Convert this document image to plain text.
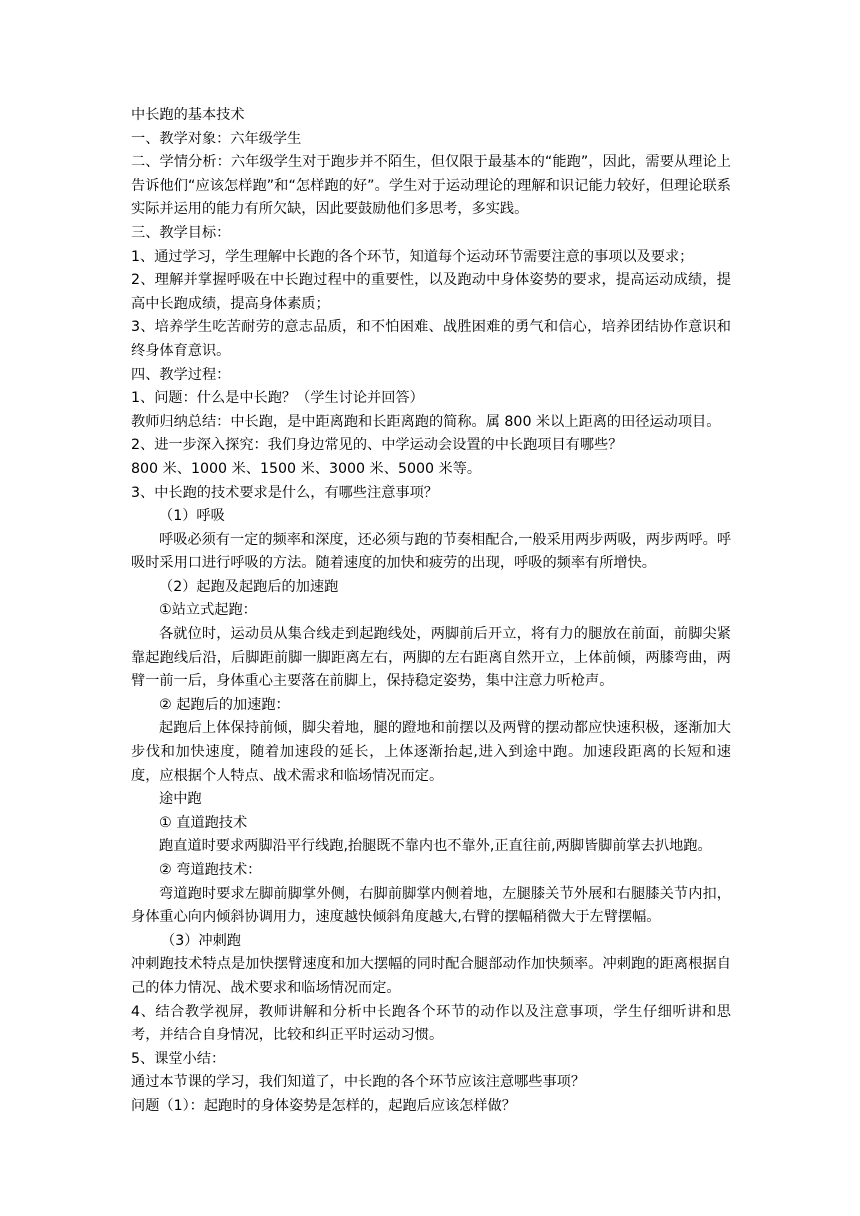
中长跑的基本技术

一、教学对象：六年级学生

二、学情分析：六年级学生对于跑步并不陌生，但仅限于最基本的“能跑”，因此，需要从理论上告诉他们“应该怎样跑”和“怎样跑的好”。学生对于运动理论的理解和识记能力较好，但理论联系实际并运用的能力有所欠缺，因此要鼓励他们多思考，多实践。

三、教学目标：

1、通过学习，学生理解中长跑的各个环节，知道每个运动环节需要注意的事项以及要求；

2、理解并掌握呼吸在中长跑过程中的重要性，以及跑动中身体姿势的要求，提高运动成绩，提高中长跑成绩，提高身体素质；

3、培养学生吃苦耐劳的意志品质，和不怕困难、战胜困难的勇气和信心，培养团结协作意识和终身体育意识。

四、教学过程：

1、问题：什么是中长跑？（学生讨论并回答）

教师归纳总结：中长跑，是中距离跑和长距离跑的简称。属 800 米以上距离的田径运动项目。

2、进一步深入探究：我们身边常见的、中学运动会设置的中长跑项目有哪些？

800 米、1000 米、1500 米、3000 米、5000 米等。

3、中长跑的技术要求是什么，有哪些注意事项？

（1）呼吸

呼吸必须有一定的频率和深度，还必须与跑的节奏相配合,一般采用两步两吸，两步两呼。呼吸时采用口进行呼吸的方法。随着速度的加快和疲劳的出现，呼吸的频率有所增快。

（2）起跑及起跑后的加速跑

①站立式起跑：

各就位时，运动员从集合线走到起跑线处，两脚前后开立，将有力的腿放在前面，前脚尖紧靠起跑线后沿，后脚距前脚一脚距离左右，两脚的左右距离自然开立，上体前倾，两膝弯曲，两臂一前一后，身体重心主要落在前脚上，保持稳定姿势，集中注意力听枪声。

② 起跑后的加速跑：

起跑后上体保持前倾，脚尖着地，腿的蹬地和前摆以及两臂的摆动都应快速积极，逐渐加大步伐和加快速度，随着加速段的延长，上体逐渐抬起,进入到途中跑。加速段距离的长短和速度，应根据个人特点、战术需求和临场情况而定。

途中跑

① 直道跑技术

跑直道时要求两脚沿平行线跑,抬腿既不靠内也不靠外,正直往前,两脚皆脚前掌去扒地跑。

② 弯道跑技术：

弯道跑时要求左脚前脚掌外侧，右脚前脚掌内侧着地，左腿膝关节外展和右腿膝关节内扣，身体重心向内倾斜协调用力，速度越快倾斜角度越大,右臂的摆幅稍微大于左臂摆幅。

（3）冲刺跑

冲刺跑技术特点是加快摆臂速度和加大摆幅的同时配合腿部动作加快频率。冲刺跑的距离根据自己的体力情况、战术要求和临场情况而定。

4、结合教学视屏，教师讲解和分析中长跑各个环节的动作以及注意事项，学生仔细听讲和思考，并结合自身情况，比较和纠正平时运动习惯。

5、课堂小结：

通过本节课的学习，我们知道了，中长跑的各个环节应该注意哪些事项？

问题（1）：起跑时的身体姿势是怎样的，起跑后应该怎样做？
